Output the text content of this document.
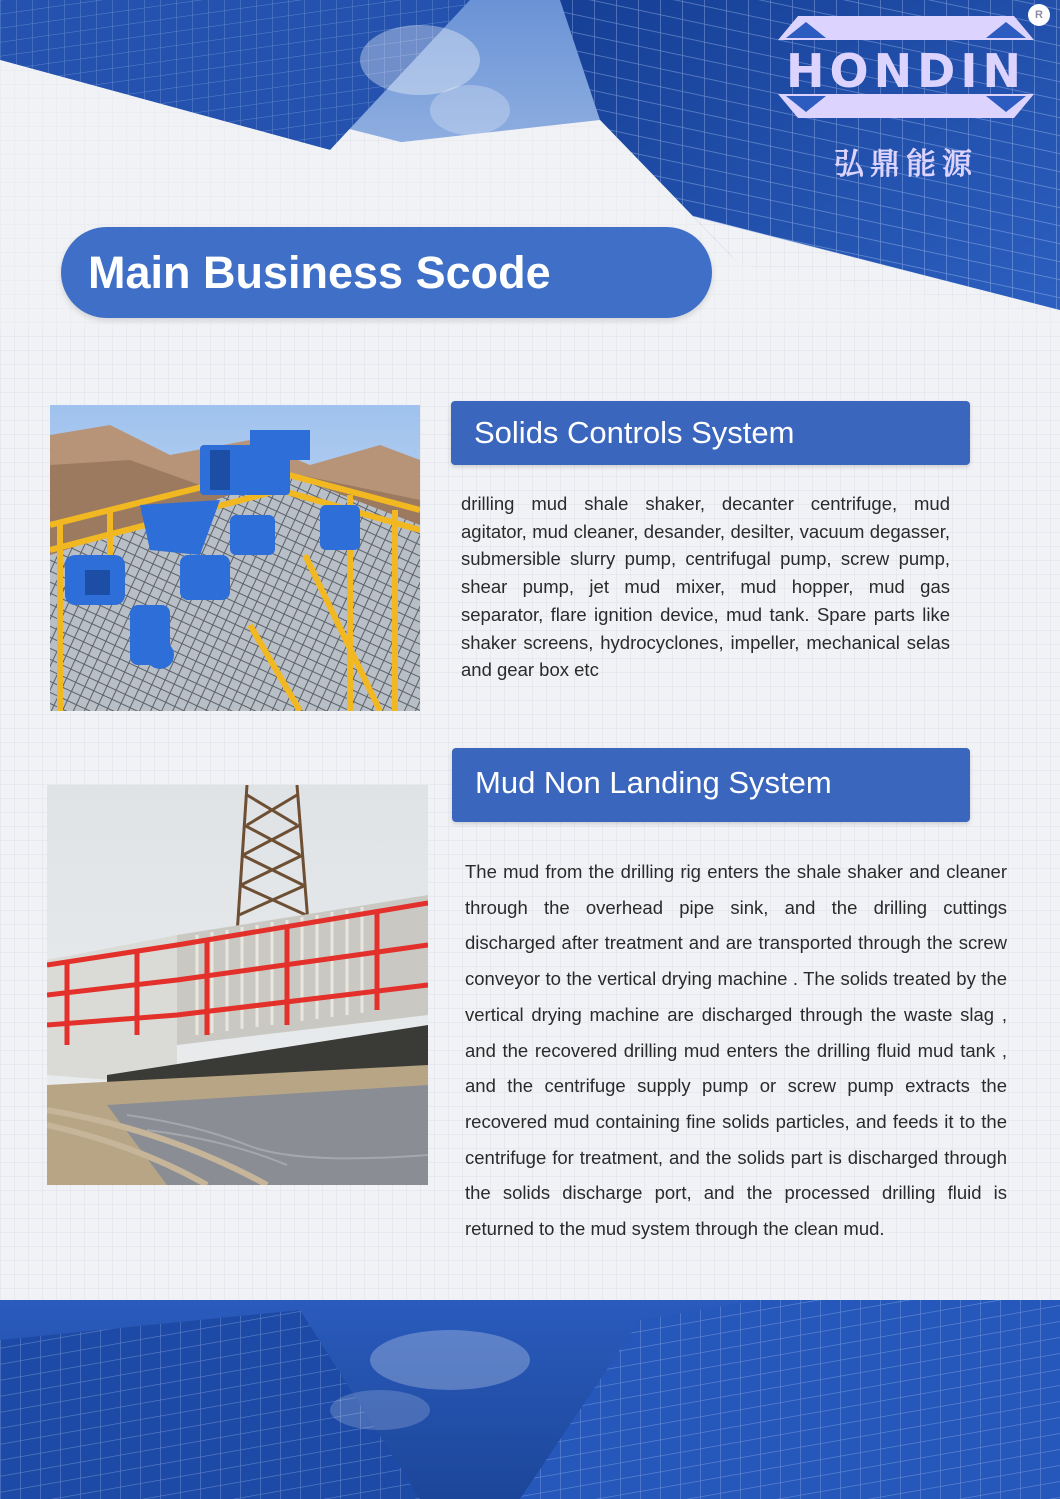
HONDIN
弘鼎能源
R
Main Business Scode
Solids Controls System
drilling mud shale shaker, decanter centrifuge, mud agitator, mud cleaner, desander, desilter, vacuum degasser, submersible slurry pump, centrifugal pump, screw pump, shear pump, jet mud mixer, mud hopper, mud gas separator, flare ignition device, mud tank. Spare parts like shaker screens, hydrocyclones, impeller, mechanical selas and gear box etc
Mud Non Landing System
The mud from the drilling rig enters the shale shaker and cleaner through the overhead pipe sink, and the drilling cuttings discharged after treatment and are transported through the screw conveyor to the vertical drying machine . The solids treated by the vertical drying machine are discharged through the waste slag , and the recovered drilling mud enters the drilling fluid mud tank , and the centrifuge supply pump or screw pump extracts the recovered mud containing fine solids particles, and feeds it to the centrifuge for treatment, and the solids part is discharged through the solids discharge port, and the processed drilling fluid is returned to the mud system through the clean mud.
